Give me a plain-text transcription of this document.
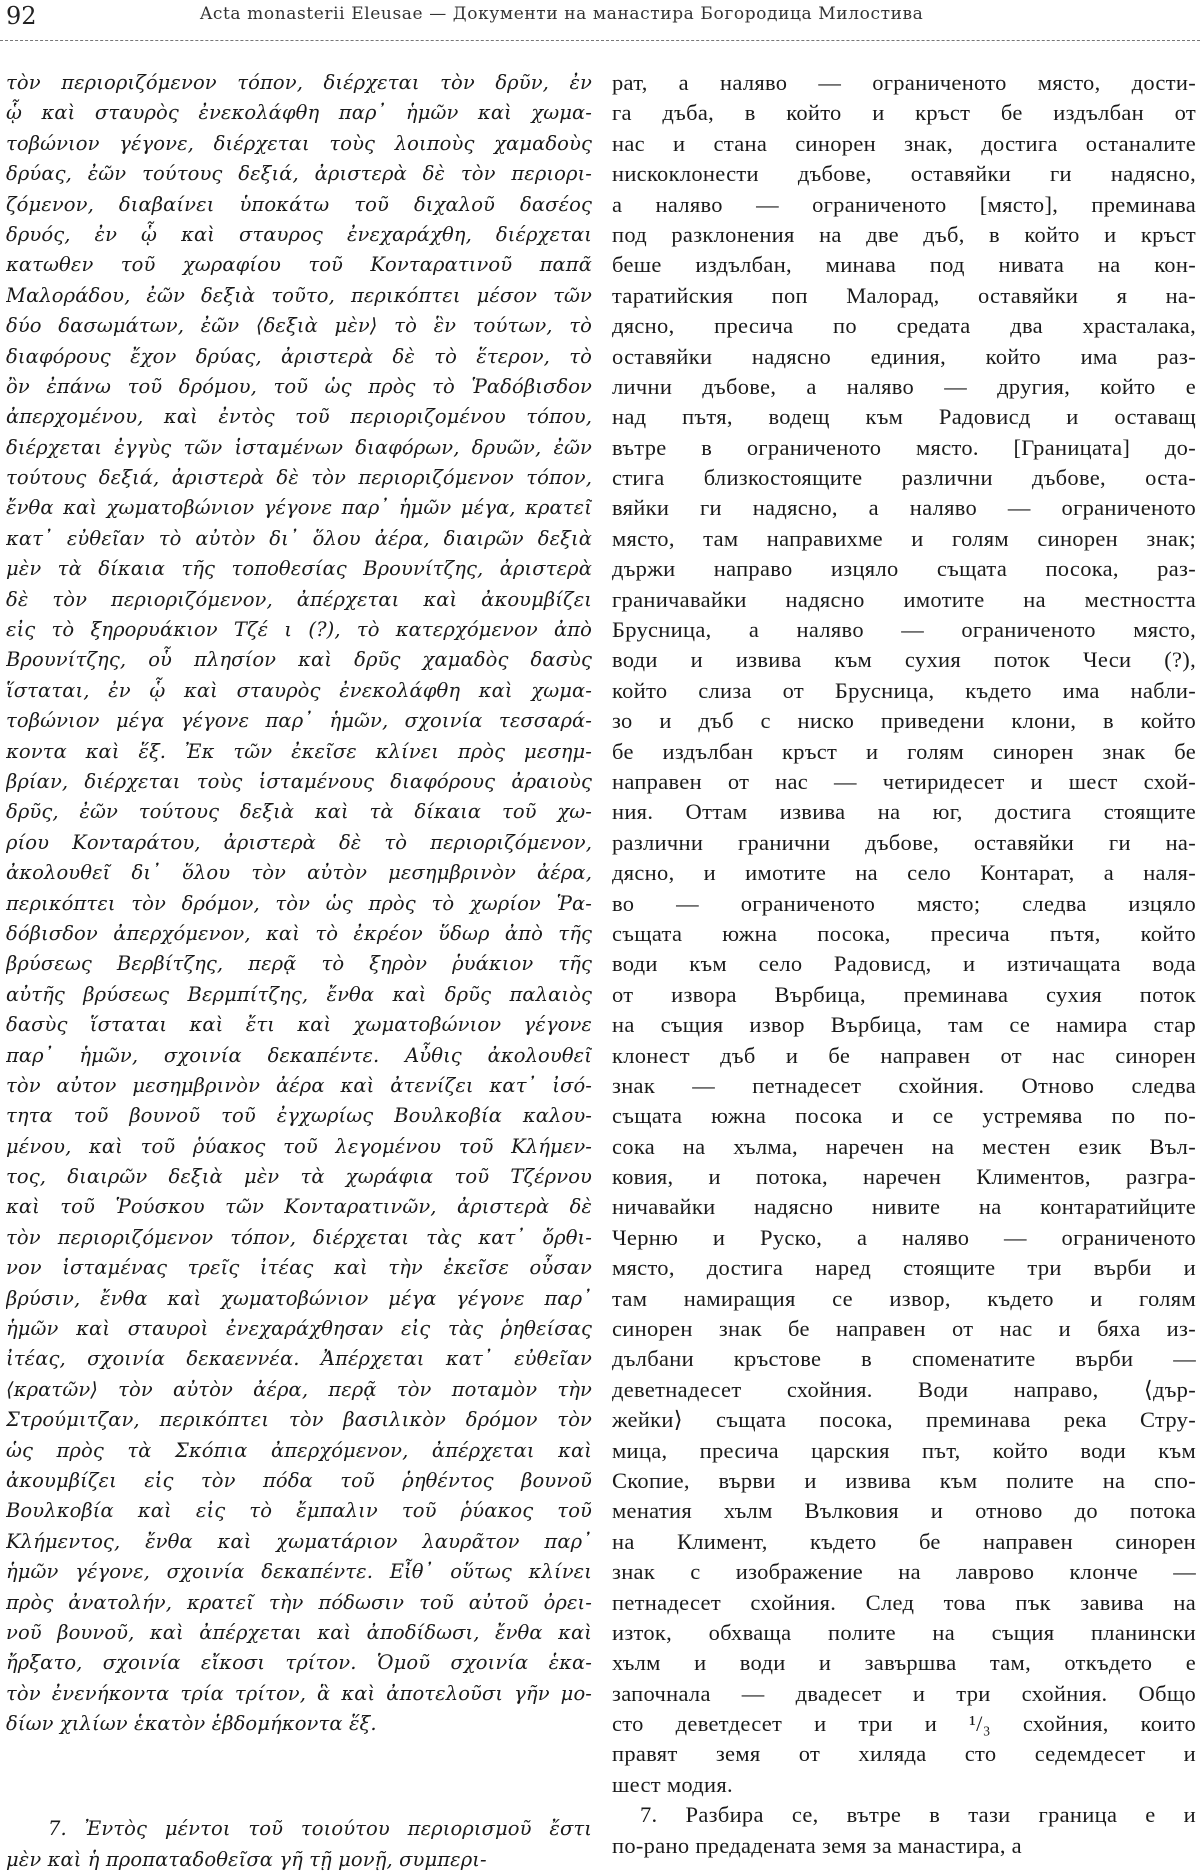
92	Acta monasterii Eleusae — Документи на манастира Богородица Милостива
τὸν περιοριζόμενον τόπον, διέρχεται τὸν δρῦν, ἐν
ᾧ καὶ σταυρὸς ἐνεκολάφθη παρ᾽ ἡμῶν καὶ χωμα-
τοβώνιον γέγονε, διέρχεται τοὺς λοιποὺς χαμαδοὺς
δρύας, ἐῶν τούτους δεξιά, ἀριστερὰ δὲ τὸν περιορι-
ζόμενον, διαβαίνει ὑποκάτω τοῦ διχαλοῦ δασέος
δρυός, ἐν ᾧ καὶ σταυρος ἐνεχαράχθη, διέρχεται
κατωθεν τοῦ χωραφίου τοῦ Κονταρατινοῦ παπᾶ
Μαλοράδου, ἐῶν δεξιὰ τοῦτο, περικόπτει μέσον τῶν
δύο δασωμάτων, ἐῶν ⟨δεξιὰ μὲν⟩ τὸ ἓν τούτων, τὸ
διαφόρους ἔχον δρύας, ἀριστερὰ δὲ τὸ ἕτερον, τὸ
ὂν ἐπάνω τοῦ δρόμου, τοῦ ὡς πρὸς τὸ Ῥαδόβισδον
ἀπερχομένου, καὶ ἐντὸς τοῦ περιοριζομένου τόπου,
διέρχεται ἐγγὺς τῶν ἱσταμένων διαφόρων, δρυῶν, ἐῶν
τούτους δεξιά, ἀριστερὰ δὲ τὸν περιοριζόμενον τόπον,
ἔνθα καὶ χωματοβώνιον γέγονε παρ᾽ ἡμῶν μέγα, κρατεῖ
κατ᾽ εὐθεῖαν τὸ αὐτὸν δι᾽ ὅλου ἀέρα, διαιρῶν δεξιὰ
μὲν τὰ δίκαια τῆς τοποθεσίας Βρουνίτζης, ἀριστερὰ
δὲ τὸν περιοριζόμενον, ἀπέρχεται καὶ ἀκουμβίζει
εἰς τὸ ξηρορυάκιον Τζέ ι (?), τὸ κατερχόμενον ἀπὸ
Βρουνίτζης, οὗ πλησίον καὶ δρῦς χαμαδὸς δασὺς
ἵσταται, ἐν ᾧ καὶ σταυρὸς ἐνεκολάφθη καὶ χωμα-
τοβώνιον μέγα γέγονε παρ᾽ ἡμῶν, σχοινία τεσσαρά-
κοντα καὶ ἕξ. Ἐκ τῶν ἐκεῖσε κλίνει πρὸς μεσημ-
βρίαν, διέρχεται τοὺς ἱσταμένους διαφόρους ἀραιοὺς
δρῦς, ἐῶν τούτους δεξιὰ καὶ τὰ δίκαια τοῦ χω-
ρίου Κονταράτου, ἀριστερὰ δὲ τὸ περιοριζόμενον,
ἀκολουθεῖ δι᾽ ὅλου τὸν αὐτὸν μεσημβρινὸν ἀέρα,
περικόπτει τὸν δρόμον, τὸν ὡς πρὸς τὸ χωρίον Ῥα-
δόβισδον ἀπερχόμενον, καὶ τὸ ἐκρέον ὕδωρ ἀπὸ τῆς
βρύσεως Βερβίτζης, περᾷ τὸ ξηρὸν ῥυάκιον τῆς
αὐτῆς βρύσεως Βερμπίτζης, ἔνθα καὶ δρῦς παλαιὸς
δασὺς ἵσταται καὶ ἔτι καὶ χωματοβώνιον γέγονε
παρ᾽ ἡμῶν, σχοινία δεκαπέντε. Αὖθις ἀκολουθεῖ
τὸν αὐτον μεσημβρινὸν ἀέρα καὶ ἀτενίζει κατ᾽ ἰσό-
τητα τοῦ βουνοῦ τοῦ ἐγχωρίως Βουλκοβία καλου-
μένου, καὶ τοῦ ῥύακος τοῦ λεγομένου τοῦ Κλήμεν-
τος, διαιρῶν δεξιὰ μὲν τὰ χωράφια τοῦ Τζέρνου
καὶ τοῦ Ῥούσκου τῶν Κονταρατινῶν, ἀριστερὰ δὲ
τὸν περιοριζόμενον τόπον, διέρχεται τὰς κατ᾽ ὄρθι-
νον ἱσταμένας τρεῖς ἰτέας καὶ τὴν ἐκεῖσε οὖσαν
βρύσιν, ἔνθα καὶ χωματοβώνιον μέγα γέγονε παρ᾽
ἡμῶν καὶ σταυροὶ ἐνεχαράχθησαν εἰς τὰς ῥηθείσας
ἰτέας, σχοινία δεκαεννέα. Ἀπέρχεται κατ᾽ εὐθεῖαν
⟨κρατῶν⟩ τὸν αὐτὸν ἀέρα, περᾷ τὸν ποταμὸν τὴν
Στρούμιτζαν, περικόπτει τὸν βασιλικὸν δρόμον τὸν
ὡς πρὸς τὰ Σκόπια ἀπερχόμενον, ἀπέρχεται καὶ
ἀκουμβίζει εἰς τὸν πόδα τοῦ ῥηθέντος βουνοῦ
Βουλκοβία καὶ εἰς τὸ ἔμπαλιν τοῦ ῥύακος τοῦ
Κλήμεντος, ἔνθα καὶ χωματάριον λαυρᾶτον παρ᾽
ἡμῶν γέγονε, σχοινία δεκαπέντε. Εἶθ᾽ οὕτως κλίνει
πρὸς ἀνατολήν, κρατεῖ τὴν πόδωσιν τοῦ αὐτοῦ ὀρει-
νοῦ βουνοῦ, καὶ ἀπέρχεται καὶ ἀποδίδωσι, ἔνθα καὶ
ἤρξατο, σχοινία εἴκοσι τρίτον. Ὁμοῦ σχοινία ἑκα-
τὸν ἐνενήκοντα τρία τρίτον, ἃ καὶ ἀποτελοῦσι γῆν μο-
δίων χιλίων ἑκατὸν ἑβδομήκοντα ἕξ.
7. Ἐντὸς μέντοι τοῦ τοιούτου περιορισμοῦ ἔστι
μὲν καὶ ἡ προπαταδοθεῖσα γῆ τῇ μονῇ, συμπερι-
рат, а наляво — ограниченото място, дости-
га дъба, в който и кръст бе издълбан от
нас и стана синорен знак, достига останалите
нискоклонести дъбове, оставяйки ги надясно,
а наляво — ограниченото [място], преминава
под разклонения на две дъб, в който и кръст
беше издълбан, минава под нивата на кон-
таратийския поп Малорад, оставяйки я на-
дясно, пресича по средата два храсталака,
оставяйки надясно единия, който има раз-
лични дъбове, а наляво — другия, който е
над пътя, водещ към Радовисд и оставащ
вътре в ограниченото място. [Границата] до-
стига близкостоящите различни дъбове, оста-
вяйки ги надясно, а наляво — ограниченото
място, там направихме и голям синорен знак;
държи направо изцяло същата посока, раз-
граничавайки надясно имотите на местността
Брусница, а наляво — ограниченото място,
води и извива към сухия поток Чеси (?),
който слиза от Брусница, където има набли-
зо и дъб с ниско приведени клони, в който
бе издълбан кръст и голям синорен знак бе
направен от нас — четиридесет и шест схой-
ния. Оттам извива на юг, достига стоящите
различни гранични дъбове, оставяйки ги на-
дясно, и имотите на село Контарат, а наля-
во — ограниченото място; следва изцяло
същата южна посока, пресича пътя, който
води към село Радовисд, и изтичащата вода
от извора Върбица, преминава сухия поток
на същия извор Върбица, там се намира стар
клонест дъб и бе направен от нас синорен
знак — петнадесет схойния. Отново следва
същата южна посока и се устремява по по-
сока на хълма, наречен на местен език Въл-
ковия, и потока, наречен Климентов, разгра-
ничавайки надясно нивите на контаратийците
Черню и Руско, а наляво — ограниченото
място, достига наред стоящите три върби и
там намиращия се извор, където и голям
синорен знак бе направен от нас и бяха из-
дълбани кръстове в споменатите върби —
деветнадесет схойния. Води направо, ⟨дър-
жейки⟩ същата посока, преминава река Стру-
мица, пресича царския път, който води към
Скопие, върви и извива към полите на спо-
менатия хълм Вълковия и отново до потока
на Климент, където бе направен синорен
знак с изображение на лаврово клонче —
петнадесет схойния. След това пък завива на
изток, обхваща полите на същия планински
хълм и води и завършва там, откъдето е
започнала — двадесет и три схойния. Общо
сто деветдесет и три и ¹/₃ схойния, които
правят земя от хиляда сто седемдесет и
шест модия.
7. Разбира се, вътре в тази граница е и
по-рано предадената земя за манастира, а
